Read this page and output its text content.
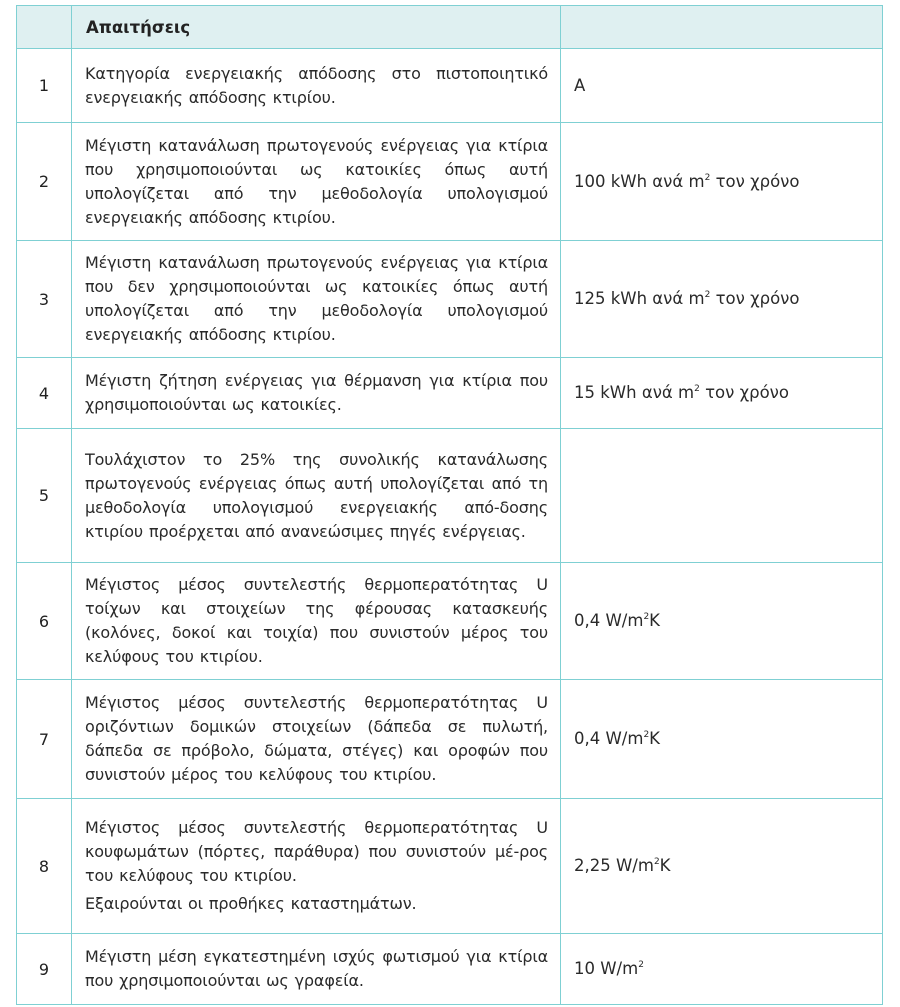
	Απαιτήσεις	
1	Κατηγορία ενεργειακής απόδοσης στο πιστοποιητικό ενεργειακής απόδοσης κτιρίου.	A
2	Μέγιστη κατανάλωση πρωτογενούς ενέργειας για κτίρια που χρησιμοποιούνται ως κατοικίες όπως αυτή υπολογίζεται από την μεθοδολογία υπολογισμού ενεργειακής απόδοσης κτιρίου.	100 kWh ανά $m^2$ τον χρόνο
3	Μέγιστη κατανάλωση πρωτογενούς ενέργειας για κτίρια που δεν χρησιμοποιούνται ως κατοικίες όπως αυτή υπολογίζεται από την μεθοδολογία υπολογισμού ενεργειακής απόδοσης κτιρίου.	125 kWh ανά $m^2$ τον χρόνο
4	Μέγιστη ζήτηση ενέργειας για θέρμανση για κτίρια που χρησιμοποιούνται ως κατοικίες.	15 kWh ανά $m^2$ τον χρόνο
5	Τουλάχιστον το 25% της συνολικής κατανάλωσης πρωτογενούς ενέργειας όπως αυτή υπολογίζεται από τη μεθοδολογία υπολογισμού ενεργειακής από-δοσης κτιρίου προέρχεται από ανανεώσιμες πηγές ενέργειας.	

6	Μέγιστος μέσος συντελεστής θερμοπερατότητας U τοίχων και στοιχείων της φέρουσας κατασκευής (κολόνες, δοκοί και τοιχία) που συνιστούν μέρος του κελύφους του κτιρίου.	0,4 $W/m^2K$
7	Μέγιστος μέσος συντελεστής θερμοπερατότητας U οριζόντιων δομικών στοιχείων (δάπεδα σε πυλωτή, δάπεδα σε πρόβολο, δώματα, στέγες) και οροφών που συνιστούν μέρος του κελύφους του κτιρίου.	0,4 $W/m^2K$
8	Μέγιστος μέσος συντελεστής θερμοπερατότητας U κουφωμάτων (πόρτες, παράθυρα) που συνιστούν μέ-ρος του κελύφους του κτιρίου.

Εξαιρούνται οι προθήκες καταστημάτων.	2,25 $W/m^2K$
9	Μέγιστη μέση εγκατεστημένη ισχύς φωτισμού για κτίρια που χρησιμοποιούνται ως γραφεία.	10 $W/m^2$
